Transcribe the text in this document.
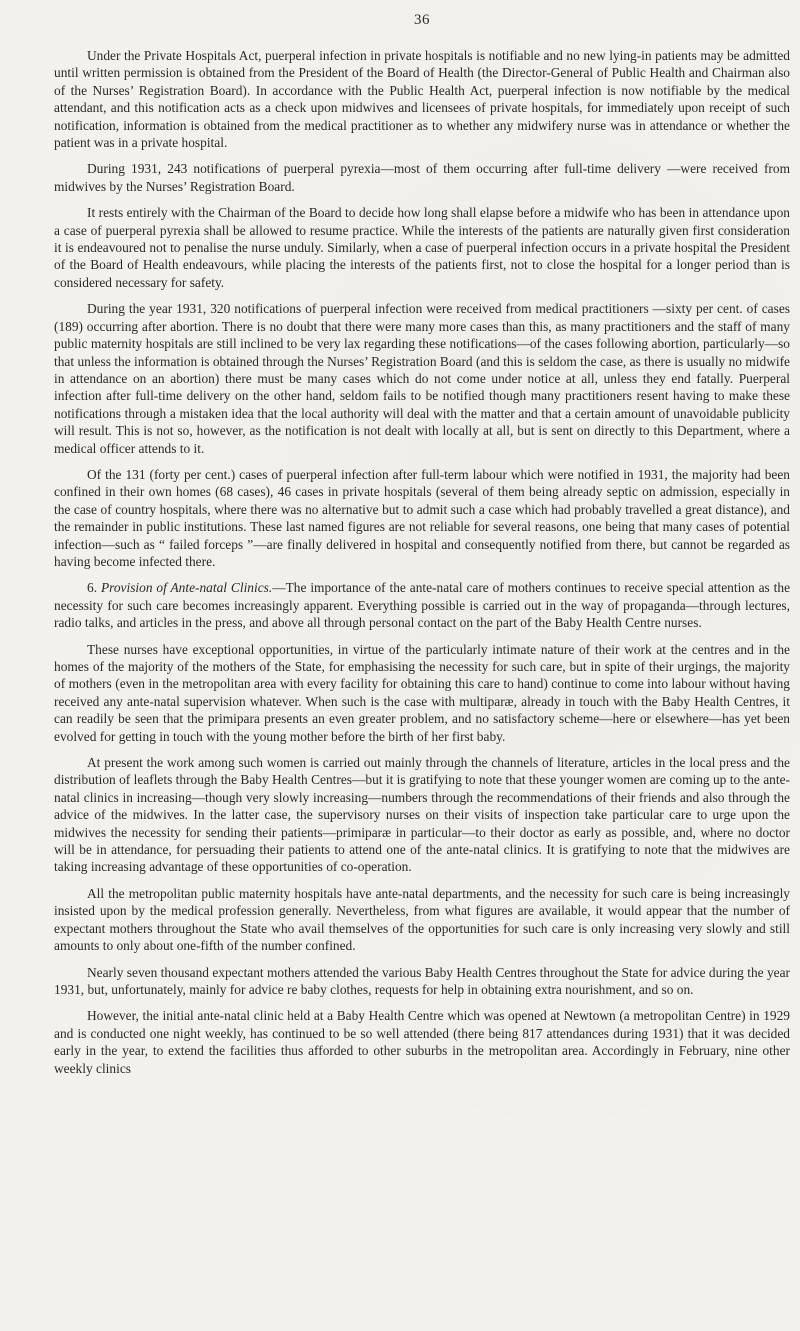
36

Under the Private Hospitals Act, puerperal infection in private hospitals is notifiable and no new lying-in patients may be admitted until written permission is obtained from the President of the Board of Health (the Director-General of Public Health and Chairman also of the Nurses’ Registration Board). In accordance with the Public Health Act, puerperal infection is now notifiable by the medical attendant, and this notification acts as a check upon midwives and licensees of private hospitals, for immediately upon receipt of such notification, information is obtained from the medical practitioner as to whether any midwifery nurse was in attendance or whether the patient was in a private hospital.

During 1931, 243 notifications of puerperal pyrexia—most of them occurring after full-time delivery —were received from midwives by the Nurses’ Registration Board.

It rests entirely with the Chairman of the Board to decide how long shall elapse before a midwife who has been in attendance upon a case of puerperal pyrexia shall be allowed to resume practice. While the interests of the patients are naturally given first consideration it is endeavoured not to penalise the nurse unduly. Similarly, when a case of puerperal infection occurs in a private hospital the President of the Board of Health endeavours, while placing the interests of the patients first, not to close the hospital for a longer period than is considered necessary for safety.

During the year 1931, 320 notifications of puerperal infection were received from medical practitioners —sixty per cent. of cases (189) occurring after abortion. There is no doubt that there were many more cases than this, as many practitioners and the staff of many public maternity hospitals are still inclined to be very lax regarding these notifications—of the cases following abortion, particularly—so that unless the information is obtained through the Nurses’ Registration Board (and this is seldom the case, as there is usually no midwife in attendance on an abortion) there must be many cases which do not come under notice at all, unless they end fatally. Puerperal infection after full-time delivery on the other hand, seldom fails to be notified though many practitioners resent having to make these notifications through a mistaken idea that the local authority will deal with the matter and that a certain amount of unavoidable publicity will result. This is not so, however, as the notification is not dealt with locally at all, but is sent on directly to this Department, where a medical officer attends to it.

Of the 131 (forty per cent.) cases of puerperal infection after full-term labour which were notified in 1931, the majority had been confined in their own homes (68 cases), 46 cases in private hospitals (several of them being already septic on admission, especially in the case of country hospitals, where there was no alternative but to admit such a case which had probably travelled a great distance), and the remainder in public institutions. These last named figures are not reliable for several reasons, one being that many cases of potential infection—such as “ failed forceps ”—are finally delivered in hospital and consequently notified from there, but cannot be regarded as having become infected there.

6. Provision of Ante-natal Clinics.—The importance of the ante-natal care of mothers continues to receive special attention as the necessity for such care becomes increasingly apparent. Everything possible is carried out in the way of propaganda—through lectures, radio talks, and articles in the press, and above all through personal contact on the part of the Baby Health Centre nurses.

These nurses have exceptional opportunities, in virtue of the particularly intimate nature of their work at the centres and in the homes of the majority of the mothers of the State, for emphasising the necessity for such care, but in spite of their urgings, the majority of mothers (even in the metropolitan area with every facility for obtaining this care to hand) continue to come into labour without having received any ante-natal supervision whatever. When such is the case with multiparæ, already in touch with the Baby Health Centres, it can readily be seen that the primipara presents an even greater problem, and no satisfactory scheme—here or elsewhere—has yet been evolved for getting in touch with the young mother before the birth of her first baby.

At present the work among such women is carried out mainly through the channels of literature, articles in the local press and the distribution of leaflets through the Baby Health Centres—but it is gratifying to note that these younger women are coming up to the ante-natal clinics in increasing—though very slowly increasing—numbers through the recommendations of their friends and also through the advice of the midwives. In the latter case, the supervisory nurses on their visits of inspection take particular care to urge upon the midwives the necessity for sending their patients—primiparæ in particular—to their doctor as early as possible, and, where no doctor will be in attendance, for persuading their patients to attend one of the ante-natal clinics. It is gratifying to note that the midwives are taking increasing advantage of these opportunities of co-operation.

All the metropolitan public maternity hospitals have ante-natal departments, and the necessity for such care is being increasingly insisted upon by the medical profession generally. Nevertheless, from what figures are available, it would appear that the number of expectant mothers throughout the State who avail themselves of the opportunities for such care is only increasing very slowly and still amounts to only about one-fifth of the number confined.

Nearly seven thousand expectant mothers attended the various Baby Health Centres throughout the State for advice during the year 1931, but, unfortunately, mainly for advice re baby clothes, requests for help in obtaining extra nourishment, and so on.

However, the initial ante-natal clinic held at a Baby Health Centre which was opened at Newtown (a metropolitan Centre) in 1929 and is conducted one night weekly, has continued to be so well attended (there being 817 attendances during 1931) that it was decided early in the year, to extend the facilities thus afforded to other suburbs in the metropolitan area. Accordingly in February, nine other weekly clinics
